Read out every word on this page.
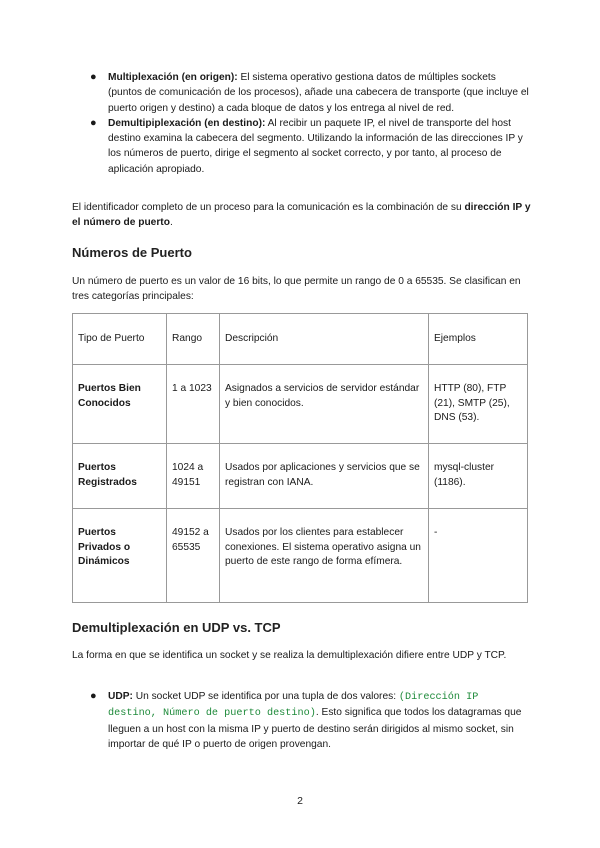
● Multiplexación (en origen): El sistema operativo gestiona datos de múltiples sockets (puntos de comunicación de los procesos), añade una cabecera de transporte (que incluye el puerto origen y destino) a cada bloque de datos y los entrega al nivel de red.
● Demultipiplexación (en destino): Al recibir un paquete IP, el nivel de transporte del host destino examina la cabecera del segmento. Utilizando la información de las direcciones IP y los números de puerto, dirige el segmento al socket correcto, y por tanto, al proceso de aplicación apropiado.

El identificador completo de un proceso para la comunicación es la combinación de su dirección IP y el número de puerto.

Números de Puerto

Un número de puerto es un valor de 16 bits, lo que permite un rango de 0 a 65535. Se clasifican en tres categorías principales:

Tipo de Puerto	Rango	Descripción	Ejemplos
Puertos Bien Conocidos	1 a 1023	Asignados a servicios de servidor estándar y bien conocidos.	HTTP (80), FTP (21), SMTP (25), DNS (53).
Puertos Registrados	1024 a 49151	Usados por aplicaciones y servicios que se registran con IANA.	mysql-cluster (1186).
Puertos Privados o Dinámicos	49152 a 65535	Usados por los clientes para establecer conexiones. El sistema operativo asigna un puerto de este rango de forma efímera.	-
Demultiplexación en UDP vs. TCP

La forma en que se identifica un socket y se realiza la demultiplexación difiere entre UDP y TCP.

● UDP: Un socket UDP se identifica por una tupla de dos valores: (Dirección IP destino, Número de puerto destino). Esto significa que todos los datagramas que lleguen a un host con la misma IP y puerto de destino serán dirigidos al mismo socket, sin importar de qué IP o puerto de origen provengan.
2
